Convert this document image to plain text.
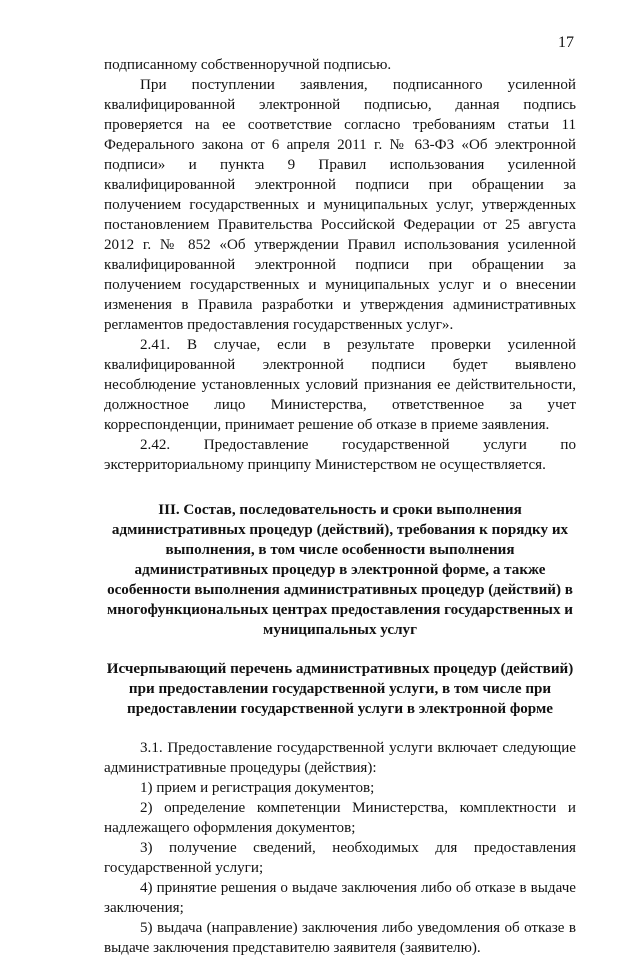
17

подписанному собственноручной подписью.

При поступлении заявления, подписанного усиленной квалифицированной электронной подписью, данная подпись проверяется на ее соответствие согласно требованиям статьи 11 Федерального закона от 6 апреля 2011 г. № 63-ФЗ «Об электронной подписи» и пункта 9 Правил использования усиленной квалифицированной электронной подписи при обращении за получением государственных и муниципальных услуг, утвержденных постановлением Правительства Российской Федерации от 25 августа 2012 г. № 852 «Об утверждении Правил использования усиленной квалифицированной электронной подписи при обращении за получением государственных и муниципальных услуг и о внесении изменения в Правила разработки и утверждения административных регламентов предоставления государственных услуг».

2.41. В случае, если в результате проверки усиленной квалифицированной электронной подписи будет выявлено несоблюдение установленных условий признания ее действительности, должностное лицо Министерства, ответственное за учет корреспонденции, принимает решение об отказе в приеме заявления.

2.42. Предоставление государственной услуги по экстерриториальному принципу Министерством не осуществляется.

III. Состав, последовательность и сроки выполнения административных процедур (действий), требования к порядку их выполнения, в том числе особенности выполнения административных процедур в электронной форме, а также особенности выполнения административных процедур (действий) в многофункциональных центрах предоставления государственных и муниципальных услуг

Исчерпывающий перечень административных процедур (действий) при предоставлении государственной услуги, в том числе при предоставлении государственной услуги в электронной форме

3.1. Предоставление государственной услуги включает следующие административные процедуры (действия):

1) прием и регистрация документов;

2) определение компетенции Министерства, комплектности и надлежащего оформления документов;

3) получение сведений, необходимых для предоставления государственной услуги;

4) принятие решения о выдаче заключения либо об отказе в выдаче заключения;

5) выдача (направление) заключения либо уведомления об отказе в выдаче заключения представителю заявителя (заявителю).
